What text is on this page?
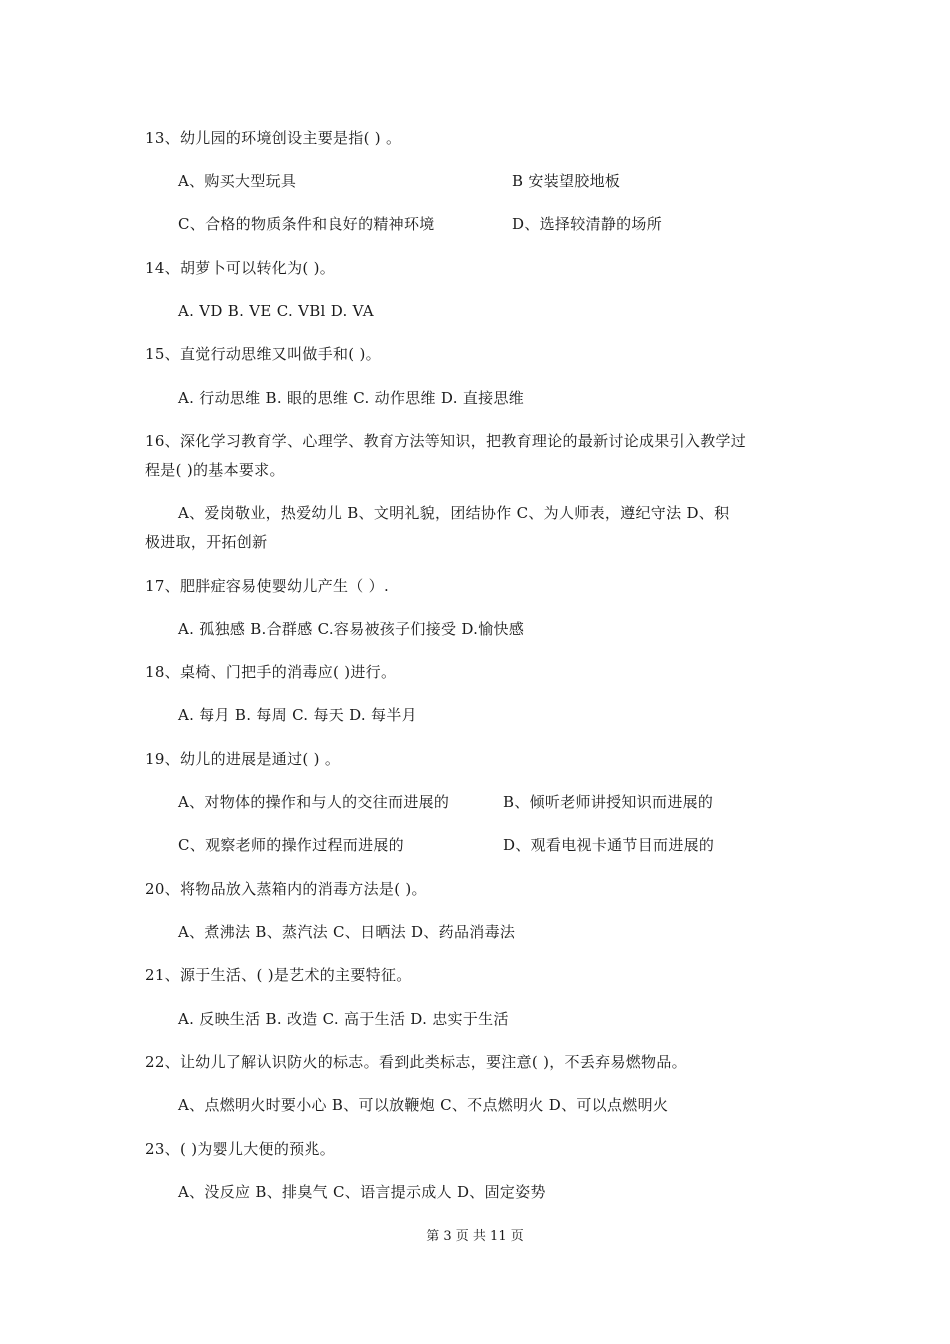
13、幼儿园的环境创设主要是指( ) 。
A、购买大型玩具	B 安装望胶地板
C、合格的物质条件和良好的精神环境	D、选择较清静的场所
14、胡萝卜可以转化为( )。
A. VD B. VE C. VBl D. VA
15、直觉行动思维又叫做手和( )。
A. 行动思维 B. 眼的思维 C. 动作思维 D. 直接思维
16、深化学习教育学、心理学、教育方法等知识，把教育理论的最新讨论成果引入教学过
程是( )的基本要求。
A、爱岗敬业，热爱幼儿 B、文明礼貌，团结协作 C、为人师表，遵纪守法 D、积
极进取，开拓创新
17、肥胖症容易使婴幼儿产生（ ）.
A. 孤独感 B.合群感 C.容易被孩子们接受 D.愉快感
18、桌椅、门把手的消毒应( )进行。
A. 每月 B. 每周 C. 每天 D. 每半月
19、幼儿的进展是通过( ) 。
A、对物体的操作和与人的交往而进展的	B、倾听老师讲授知识而进展的
C、观察老师的操作过程而进展的	D、观看电视卡通节目而进展的
20、将物品放入蒸箱内的消毒方法是( )。
A、煮沸法 B、蒸汽法 C、日晒法 D、药品消毒法
21、源于生活、( )是艺术的主要特征。
A. 反映生活 B. 改造 C. 高于生活 D. 忠实于生活
22、让幼儿了解认识防火的标志。看到此类标志，要注意( )，不丢弃易燃物品。
A、点燃明火时要小心 B、可以放鞭炮 C、不点燃明火 D、可以点燃明火
23、( )为婴儿大便的预兆。
A、没反应 B、排臭气 C、语言提示成人 D、固定姿势
第 3 页 共 11 页
